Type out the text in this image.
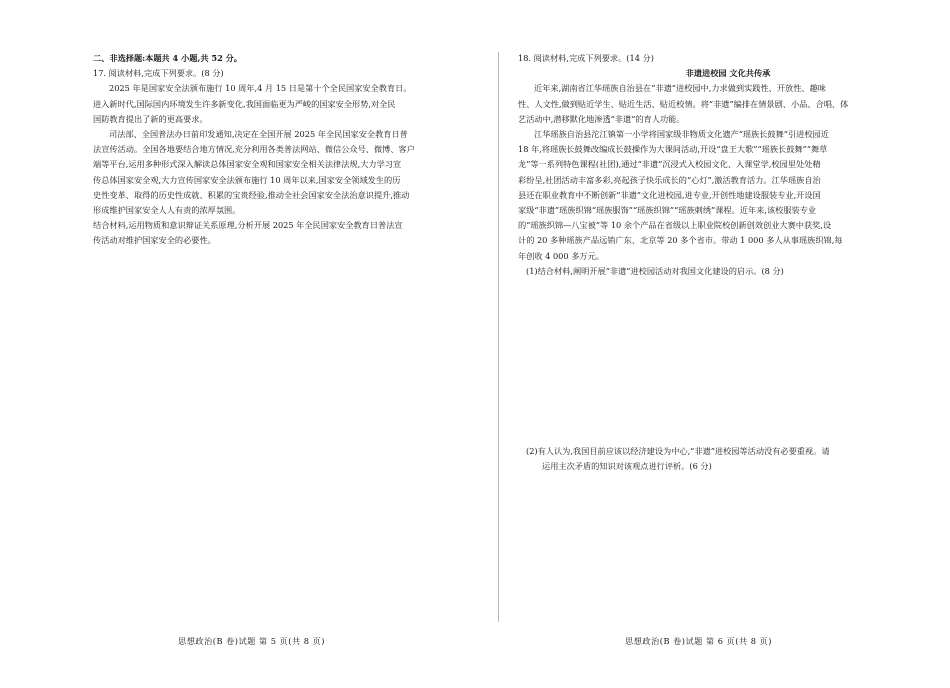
二、非选择题:本题共 4 小题,共 52 分。
17. 阅读材料,完成下列要求。(8 分)
2025 年是国家安全法颁布施行 10 周年,4 月 15 日是第十个全民国家安全教育日。
进入新时代,国际国内环境发生许多新变化,我国面临更为严峻的国家安全形势,对全民
国防教育提出了新的更高要求。
司法部、全国普法办日前印发通知,决定在全国开展 2025 年全民国家安全教育日普
法宣传活动。全国各地要结合地方情况,充分利用各类普法网站、微信公众号、微博、客户
端等平台,运用多种形式深入解读总体国家安全观和国家安全相关法律法规,大力学习宣
传总体国家安全观,大力宣传国家安全法颁布施行 10 周年以来,国家安全领域发生的历
史性变革、取得的历史性成就、积累的宝贵经验,推动全社会国家安全法治意识提升,推动
形成维护国家安全人人有责的浓厚氛围。
结合材料,运用物质和意识辩证关系原理,分析开展 2025 年全民国家安全教育日普法宣
传活动对维护国家安全的必要性。
思想政治(B 卷)试题 第 5 页(共 8 页)
18. 阅读材料,完成下列要求。(14 分)
非遗进校园 文化共传承
近年来,湖南省江华瑶族自治县在“非遗”进校园中,力求做到实践性、开放性、趣味
性、人文性,做到贴近学生、贴近生活、贴近校情。将“非遗”编排在情景剧、小品、合唱、体
艺活动中,潜移默化地渗透“非遗”的育人功能。
江华瑶族自治县沱江镇第一小学将国家级非物质文化遗产“瑶族长鼓舞”引进校园近
18 年,将瑶族长鼓舞改编成长鼓操作为大课间活动,开设“盘王大歌”“瑶族长鼓舞”“舞草
龙”等一系列特色课程(社团),通过“非遗”沉浸式入校园文化、入课堂学,校园里处处精
彩纷呈,社团活动丰富多彩,亮起孩子快乐成长的“心灯”,激活教育活力。江华瑶族自治
县还在职业教育中不断创新“非遗”文化进校园,进专业,开创性地建设服装专业,开设国
家级“非遗”瑶族织锦“瑶族服饰”“瑶族织锦”“瑶族刺绣”课程。近年来,该校服装专业
的“瑶族织锦—八宝被”等 10 余个产品在省级以上职业院校创新创效创业大赛中获奖,设
计的 20 多种瑶族产品远销广东、北京等 20 多个省市。带动 1 000 多人从事瑶族织锦,每
年创收 4 000 多万元。
(1)结合材料,阐明开展“非遗”进校园活动对我国文化建设的启示。(8 分)
(2)有人认为,我国目前应该以经济建设为中心,“非遗”进校园等活动没有必要重视。请
运用主次矛盾的知识对该观点进行评析。(6 分)
思想政治(B 卷)试题 第 6 页(共 8 页)
